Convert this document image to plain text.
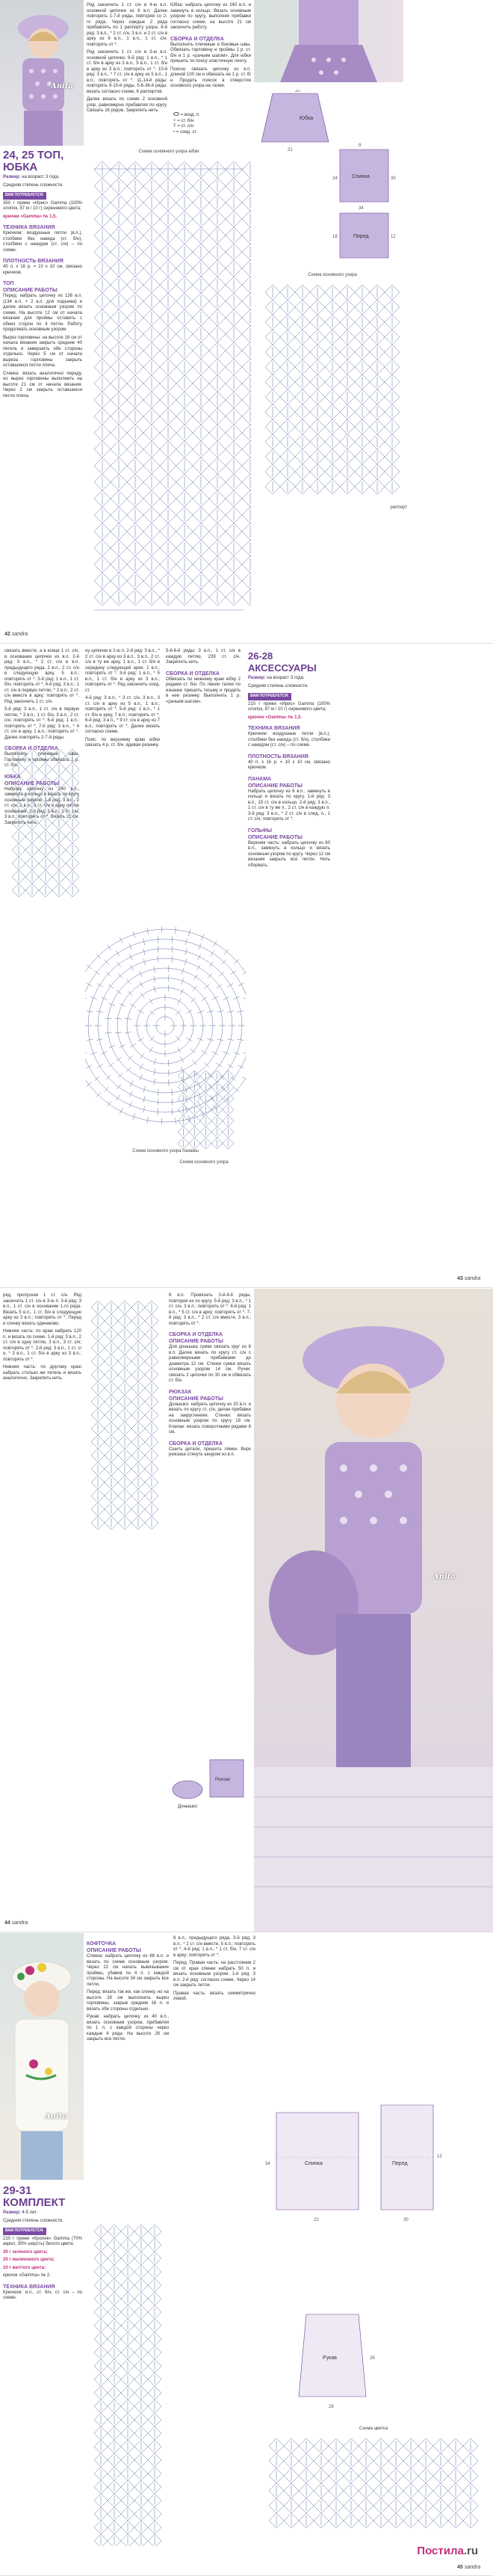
Anita
24, 25 ТОП, ЮБКА

Размер: на возраст 3 года.

Средняя степень сложности.

ВАМ ПОТРЕБУЕТСЯ:

350 г пряжи «Ирис» Gamma (100% хлопок, 87 м / 10 г) сиреневого цвета;

крючки «Gamma» № 1,5.

ТЕХНИКА ВЯЗАНИЯ

Крючком: воздушные петли (в.п.), столбики без накида (ст. б/н), столбики с накидом (ст. с/н) – по схеме.

ПЛОТНОСТЬ ВЯЗАНИЯ

40 п. х 16 р. = 10 х 10 см, связано крючком.

ТОП
ОПИСАНИЕ РАБОТЫ

Перед: набрать цепочку из 136 в.п. (134 в.п. + 2 в.п. для подъема) и далее вязать основным узором по схеме. На высоте 12 см от начала вязания для проймы оставить с обеих сторон по 4 петли. Работу продолжать основным узором.

Вырез горловины: на высоте 18 см от начала вязания закрыть средние 40 петель и завершить обе стороны отдельно. Через 5 см от начала выреза горловины закрыть оставшиеся петли плеча.

Спинка: вязать аналогично переду, но вырез горловины выполнить на высоте 21 см от начала вязания. Через 2 см закрыть оставшиеся петли плеча.

Ряд закончить 1 ст. с/н в 4-ю в.п. основной цепочки из 6 в.п. Далее повторять 1-7-й ряды, повторяя со 2-го ряда. Через каждые 2 ряда прибавлять по 1 раппорту узора. 8-й ряд: 3 в.п., * 2 ст. с/н, 3 в.п. и 2 ст. с/н в арку из 6 в.п., 1 в.п., 1 ст. с/н; повторять от *.

Ряд закончить 1 ст. с/н в 3-ю в.п. основной цепочки. 9-й ряд: 1 в.п., * 1 ст. б/н в арку из 3 в.п., 5 в.п., 1 ст. б/н в арку из 3 в.п.; повторять от *. 10-й ряд: 3 в.п., * 7 ст. с/н в арку из 5 в.п., 1 в.п.; повторять от *. 11-14-й ряды: повторять 9-10-й ряды. 5-6-38-й ряды: вязать согласно схеме, 6 раппортов.

Далее вязать по схеме 2 основной узор, равномерно прибавляя по кругу. Связать 16 рядов. Закрепить нить.

Юбка: набрать цепочку из 240 в.п. и замкнуть в кольцо. Вязать основным узором по кругу, выполняя прибавки согласно схеме, на высоте 21 см закончить работу.

СБОРКА И ОТДЕЛКА

Выполнить плечевые и боковые швы. Обвязать горловину и проймы 1 р. ст. б/н и 1 р. «рачьим шагом». Для юбки пришить по поясу эластичную ленту.

Поясок: связать цепочку из в.п. длиной 100 см и обвязать ее 1 р. ст. б/н. Продеть поясок в отверстия основного узора на талии.

Схема основного узора юбки
Юбка
Спинка
Перед
21
24
34
30
12
18
9
20
= возд. п.
+ = ст. б/н
Ŧ = ст. с/н
• = соед. ст.
Схема основного узора
раппорт
42 sandra

связать вместе, а в конце 1 ст. с/н; в основании цепочки из в.п. 2-й ряд: 3 в.п., * 2 ст. с/н в в.п. предыдущего ряда, 2 в.п., 2 ст. с/н в следующую арку, 5 в.п.; повторять от *. 3-й ряд: 1 в.п., 1 ст. б/н; повторять от *. 4-й ряд: 3 в.п.; 1 ст. с/н в первую петлю, * 2 в.п., 2 ст. с/н вместе в арку; повторять от *. Ряд закончить 1 ст. с/н.

5-й ряд: 3 в.п., 1 ст. с/н в первую петлю, * 3 в.п., 1 ст. б/н, 3 в.п., 2 ст. с/н; повторять от *. 6-й ряд: 1 в.п.; повторять от *. 7-й ряд: 3 в.п., * 4 ст. с/н в арку, 1 в.п.; повторять от *. Далее повторять 2-7-й ряды.

СБОРКА И ОТДЕЛКА

Выполнить плечевые швы. Горловину и проймы обвязать 1 р. ст. б/н.

ЮБКА
ОПИСАНИЕ РАБОТЫ

Набрать цепочку из 240 в.п., замкнуть в кольцо и вязать по кругу основным узором. 1-й ряд: 3 в.п., 2 ст. с/н, 1 в.п., 3 ст. с/н в одну петлю основания. 2-й ряд: 3 в.п., 2 ст. с/н, 3 в.п.; повторять от *. Вязать 21 см. Закрепить нить.

ну цепочки в 1-ю п. 2-й ряд: 3 в.п., * 2 ст. с/н в арку из 3 в.п., 3 в.п., 2 ст. с/н в ту же арку, 1 в.п., 1 ст. б/н в середину следующей арки, 1 в.п.; повторять от *. 3-й ряд: 1 в.п., * 5 в.п., 1 ст. б/н в арку из 3 в.п.; повторять от *. Ряд закончить соед. ст.

4-й ряд: 3 в.п., * 3 ст. с/н, 3 в.п., 3 ст. с/н в арку из 5 в.п., 1 в.п.; повторять от *. 5-й ряд: 1 в.п., * 1 ст. б/н в арку, 7 в.п.; повторять от *. 6-й ряд: 3 в.п., * 9 ст. с/н в арку из 7 в.п.; повторять от *. Далее вязать согласно схеме.

Пояс: по верхнему краю юбки связать 4 р. ст. б/н, вдевая резинку.

Схема основного узора панамы

5-й-6-й ряды: 3 в.п., 1 ст. с/н в каждую петлю, 239 ст. с/н. Закрепить нить.

СБОРКА И ОТДЕЛКА

Обвязать по нижнему краю юбку 2 рядами ст. б/н. По линии талии по изнанке пришить тесьму и продеть в нее резинку. Выполнить 1 р. «рачьим шагом».

26-28 АКСЕССУАРЫ

Размер: на возраст 3 года.

Средняя степень сложности.

ВАМ ПОТРЕБУЕТСЯ:

210 г пряжи «Ирис» Gamma (100% хлопок, 87 м / 10 г) сиреневого цвета;

крючок «Gamma» № 1,5.

ТЕХНИКА ВЯЗАНИЯ

Крючком: воздушные петли (в.п.), столбики без накида (ст. б/н), столбики с накидом (ст. с/н) – по схеме.

ПЛОТНОСТЬ ВЯЗАНИЯ

40 п. х 16 р. = 10 х 10 см, связано крючком.

ПАНАМА
ОПИСАНИЕ РАБОТЫ

Набрать цепочку из 6 в.п., замкнуть в кольцо и вязать по кругу. 1-й ряд: 3 в.п., 15 ст. с/н в кольцо. 2-й ряд: 3 в.п., 1 ст. с/н в ту же п., 2 ст. с/н в каждую п. 3-й ряд: 3 в.п., * 2 ст. с/н в след. п., 1 ст. с/н; повторять от *.

ГОЛЬФЫ
ОПИСАНИЕ РАБОТЫ

Верхняя часть: набрать цепочку из 60 в.п., замкнуть в кольцо и вязать основным узором по кругу. Через 12 см вязания закрыть все петли. Нить оборвать.

Схема основного узора
43 sandra

ряд, пропуская 1 ст. с/н. Ряд закончить 1 ст. с/н в 3-ю п. 3-й ряд: 3 в.п., 1 ст. с/н в основании 1-го ряда. Вязать 5 в.п., 1 ст. б/н в следующую арку из 3 в.п.; повторять от *. Перед и спинку вязать одинаково.

Нижняя часть: по краю набрать 120 п. и вязать по схеме. 1-й ряд: 3 в.п., 2 ст. с/н в одну петлю, 3 в.п., 3 ст. с/н; повторять от *. 2-й ряд: 3 в.п., 1 ст. с/н, * 3 в.п., 1 ст. б/н в арку из 3 в.п.; повторять от *.

Нижняя часть: по другому краю набрать столько же петель и вязать аналогично. Закрепить нить.

8 в.п. Провязать 3-й-4-й ряды, повторяя их по кругу. 5-й ряд: 3 в.п., * 1 ст. с/н, 3 в.п.; повторять от *. 6-й ряд: 1 в.п., * 5 ст. с/н в арку; повторять от *. 7-й ряд: 3 в.п., * 2 ст. с/н вместе, 3 в.п.; повторять от *.

СБОРКА И ОТДЕЛКА
ОПИСАНИЕ РАБОТЫ

Для донышка сумки связать круг из 6 в.п. Далее вязать по кругу ст. с/н с равномерными прибавками до диаметра 12 см. Стенки сумки вязать основным узором 14 см. Ручки: связать 2 цепочки по 30 см и обвязать ст. б/н.

РЮКЗАК
ОПИСАНИЕ РАБОТЫ

Донышко: набрать цепочку из 20 в.п. и вязать по кругу ст. с/н, делая прибавки на закруглениях. Стенки: вязать основным узором по кругу 18 см. Клапан: вязать поворотными рядами 8 см.

СБОРКА И ОТДЕЛКА

Сшить детали, пришить лямки. Верх рюкзака стянуть шнуром из в.п.

Донышко
Рюкзак
Anita
44 sandra
Anita
29-31 КОМПЛЕКТ

Размер: 4-5 лет.

Средняя степень сложности.

ВАМ ПОТРЕБУЕТСЯ:

210 г пряжи «Кролик» Gamma (70% акрил, 30% шерсть) белого цвета;

30 г зеленого цвета;

20 г малинового цвета;

10 г желтого цвета;

крючок «Gamma» № 2.

ТЕХНИКА ВЯЗАНИЯ

Крючком: в.п., ст. б/н, ст. с/н – по схеме.

КОФТОЧКА
ОПИСАНИЕ РАБОТЫ

Спинка: набрать цепочку из 68 в.п. и вязать по схеме основным узором. Через 22 см начать вывязывание проймы, убавив по 4 п. с каждой стороны. На высоте 34 см закрыть все петли.

Перед: вязать так же, как спинку, но на высоте 28 см выполнить вырез горловины, закрыв средние 16 п. и вязать обе стороны отдельно.

Рукав: набрать цепочку из 40 в.п., вязать основным узором, прибавляя по 1 п. с каждой стороны через каждые 4 ряда. На высоте 26 см закрыть все петли.

8 в.п., предыдущего ряда. 3-й ряд: 3 в.п., * 2 ст. с/н вместе, 5 в.п.; повторять от *. 4-й ряд: 1 в.п., * 1 ст. б/н, 7 ст. с/н в арку; повторять от *.

Перед. Правая часть: на расстоянии 2 см от края спинки набрать 50 п. и вязать основным узором. 1-й ряд: 3 в.п. 2-й ряд: согласно схеме. Через 14 см закрыть петли.

Правая часть: вязать симметрично левой.

Спинка
Рукав
Перед
34
22	30
26
12
28
Схема цветка
Постила.ru
45 sandra
